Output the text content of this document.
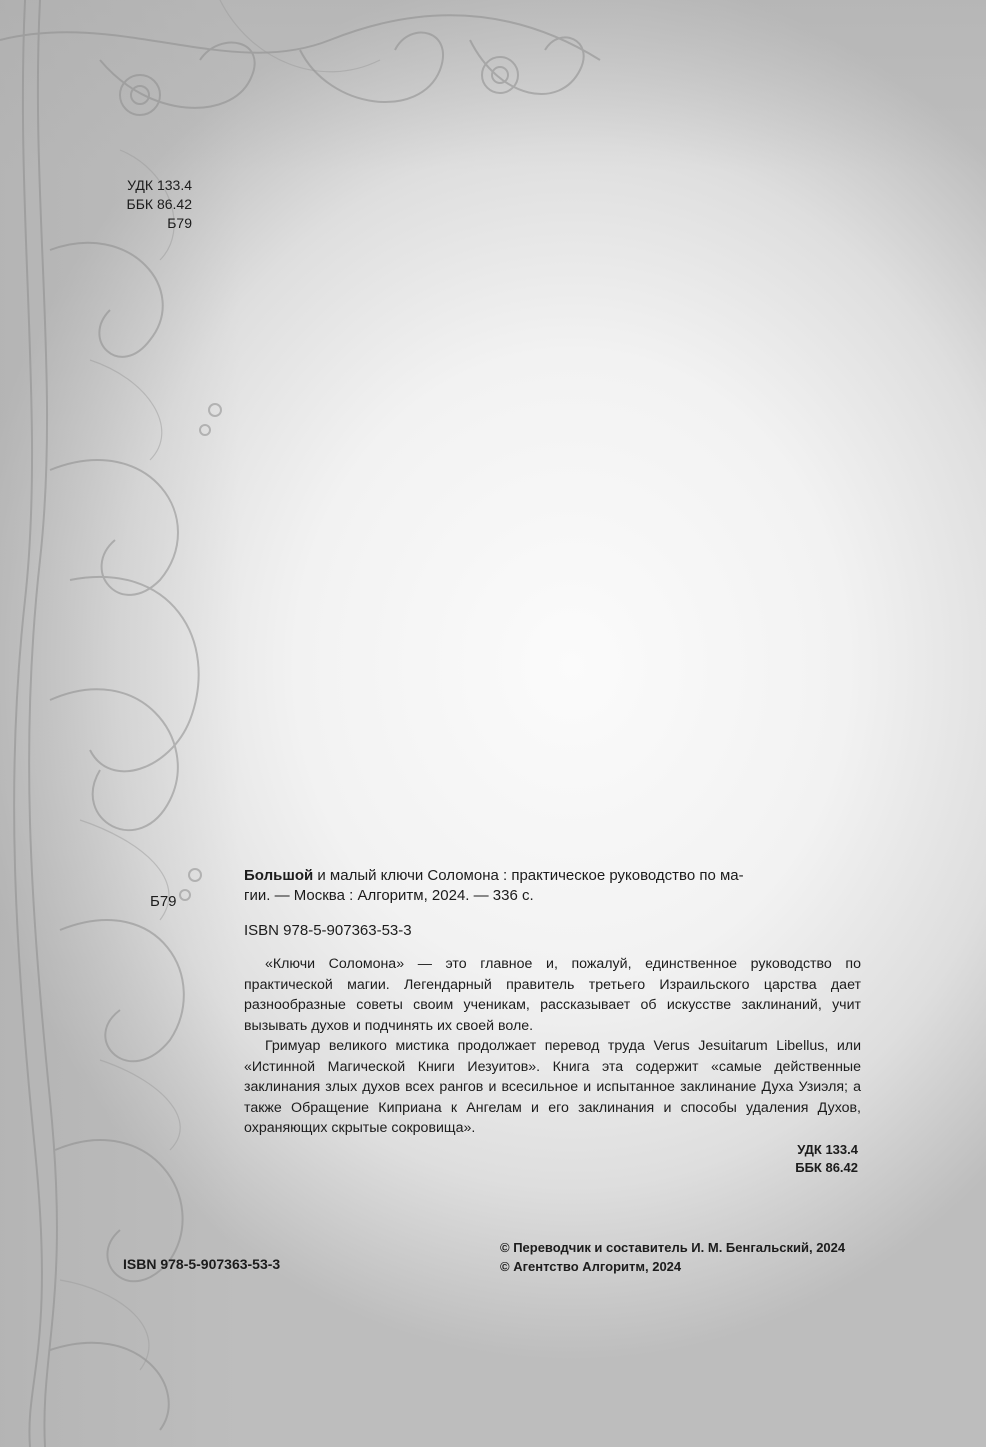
УДК 133.4
ББК 86.42
Б79
Б79
Большой и малый ключи Соломона : практическое руководство по ма-
гии. — Москва : Алгоритм, 2024. — 336 с.
ISBN 978-5-907363-53-3

«Ключи Соломона» — это главное и, пожалуй, единственное руководство по практической магии. Легендарный правитель третьего Израильского царства дает разнообразные советы своим ученикам, рассказывает об искусстве заклинаний, учит вызывать духов и подчинять их своей воле.

Гримуар великого мистика продолжает перевод труда Verus Jesuitarum Libellus, или «Истинной Магической Книги Иезуитов». Книга эта содержит «самые действенные заклинания злых духов всех рангов и всесильное и испытанное заклинание Духа Узиэля; а также Обращение Киприана к Ангелам и его заклинания и способы удаления Духов, охраняющих скрытые сокровища».

УДК 133.4
ББК 86.42
ISBN 978-5-907363-53-3
© Переводчик и составитель И. М. Бенгальский, 2024
© Агентство Алгоритм, 2024
